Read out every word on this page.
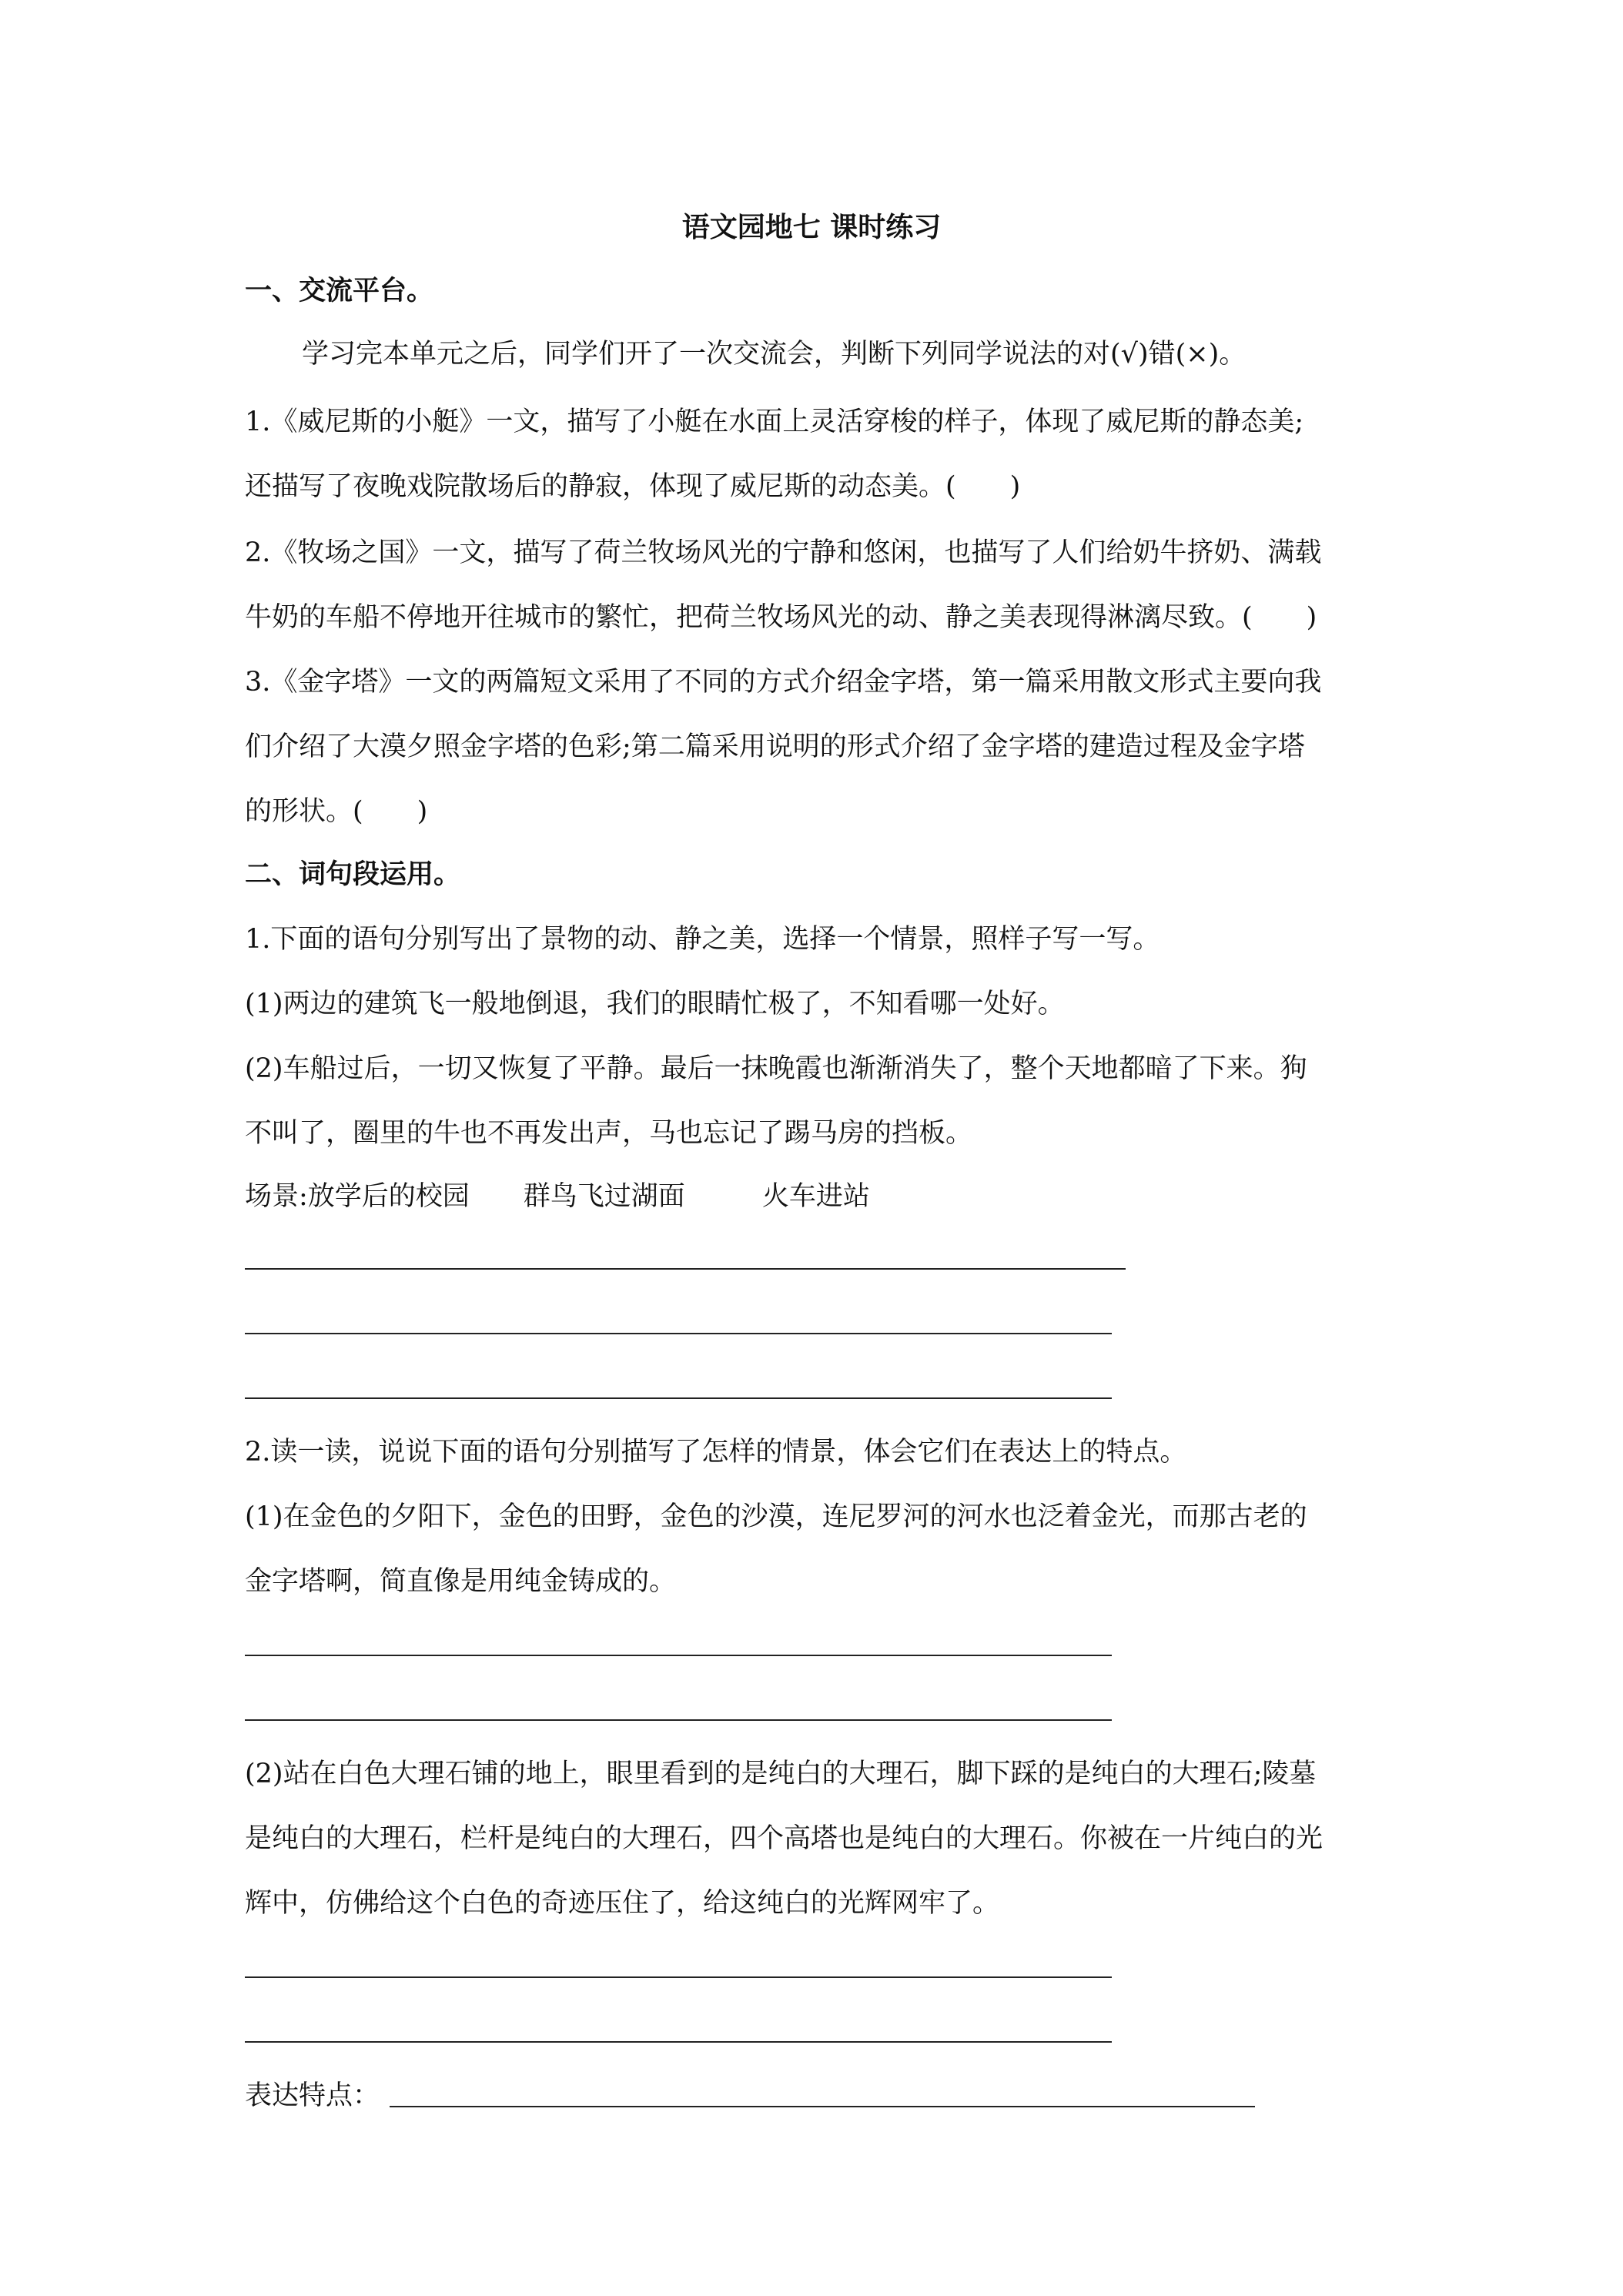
语文园地七 课时练习
一、交流平台。
学习完本单元之后，同学们开了一次交流会，判断下列同学说法的对(√)错(×)。
1.《威尼斯的小艇》一文，描写了小艇在水面上灵活穿梭的样子，体现了威尼斯的静态美;
还描写了夜晚戏院散场后的静寂，体现了威尼斯的动态美。(　　)
2.《牧场之国》一文，描写了荷兰牧场风光的宁静和悠闲，也描写了人们给奶牛挤奶、满载
牛奶的车船不停地开往城市的繁忙，把荷兰牧场风光的动、静之美表现得淋漓尽致。(　　)
3.《金字塔》一文的两篇短文采用了不同的方式介绍金字塔，第一篇采用散文形式主要向我
们介绍了大漠夕照金字塔的色彩;第二篇采用说明的形式介绍了金字塔的建造过程及金字塔
的形状。(　　)
二、词句段运用。
1.下面的语句分别写出了景物的动、静之美，选择一个情景，照样子写一写。
(1)两边的建筑飞一般地倒退，我们的眼睛忙极了，不知看哪一处好。
(2)车船过后，一切又恢复了平静。最后一抹晚霞也渐渐消失了，整个天地都暗了下来。狗
不叫了，圈里的牛也不再发出声，马也忘记了踢马房的挡板。
场景:放学后的校园 群鸟飞过湖面	火车进站
2.读一读，说说下面的语句分别描写了怎样的情景，体会它们在表达上的特点。
(1)在金色的夕阳下，金色的田野，金色的沙漠，连尼罗河的河水也泛着金光，而那古老的
金字塔啊，简直像是用纯金铸成的。
(2)站在白色大理石铺的地上，眼里看到的是纯白的大理石，脚下踩的是纯白的大理石;陵墓
是纯白的大理石，栏杆是纯白的大理石，四个高塔也是纯白的大理石。你被在一片纯白的光
辉中，仿佛给这个白色的奇迹压住了，给这纯白的光辉网牢了。
表达特点：
